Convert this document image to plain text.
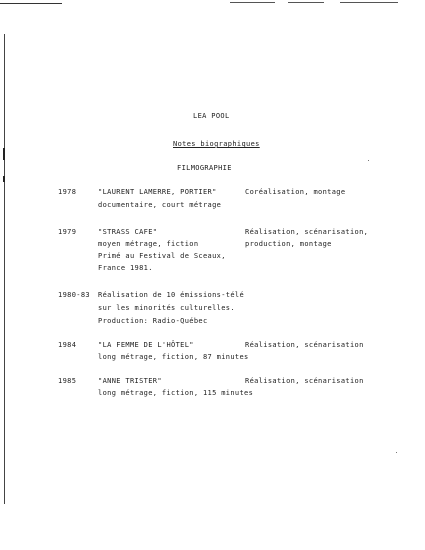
LEA POOL
Notes biographiques
FILMOGRAPHIE
1978	"LAURENT LAMERRE, PORTIER"	Coréalisation, montage
documentaire, court métrage
1979	"STRASS CAFE"	Réalisation, scénarisation,
moyen métrage, fiction	production, montage
Primé au Festival de Sceaux,
France 1981.
1980-83 Réalisation de 10 émissions-télé
sur les minorités culturelles.
Production: Radio-Québec
1984	"LA FEMME DE L'HÔTEL"	Réalisation, scénarisation
long métrage, fiction, 87 minutes
1985	"ANNE TRISTER"	Réalisation, scénarisation
long métrage, fiction, 115 minutes
